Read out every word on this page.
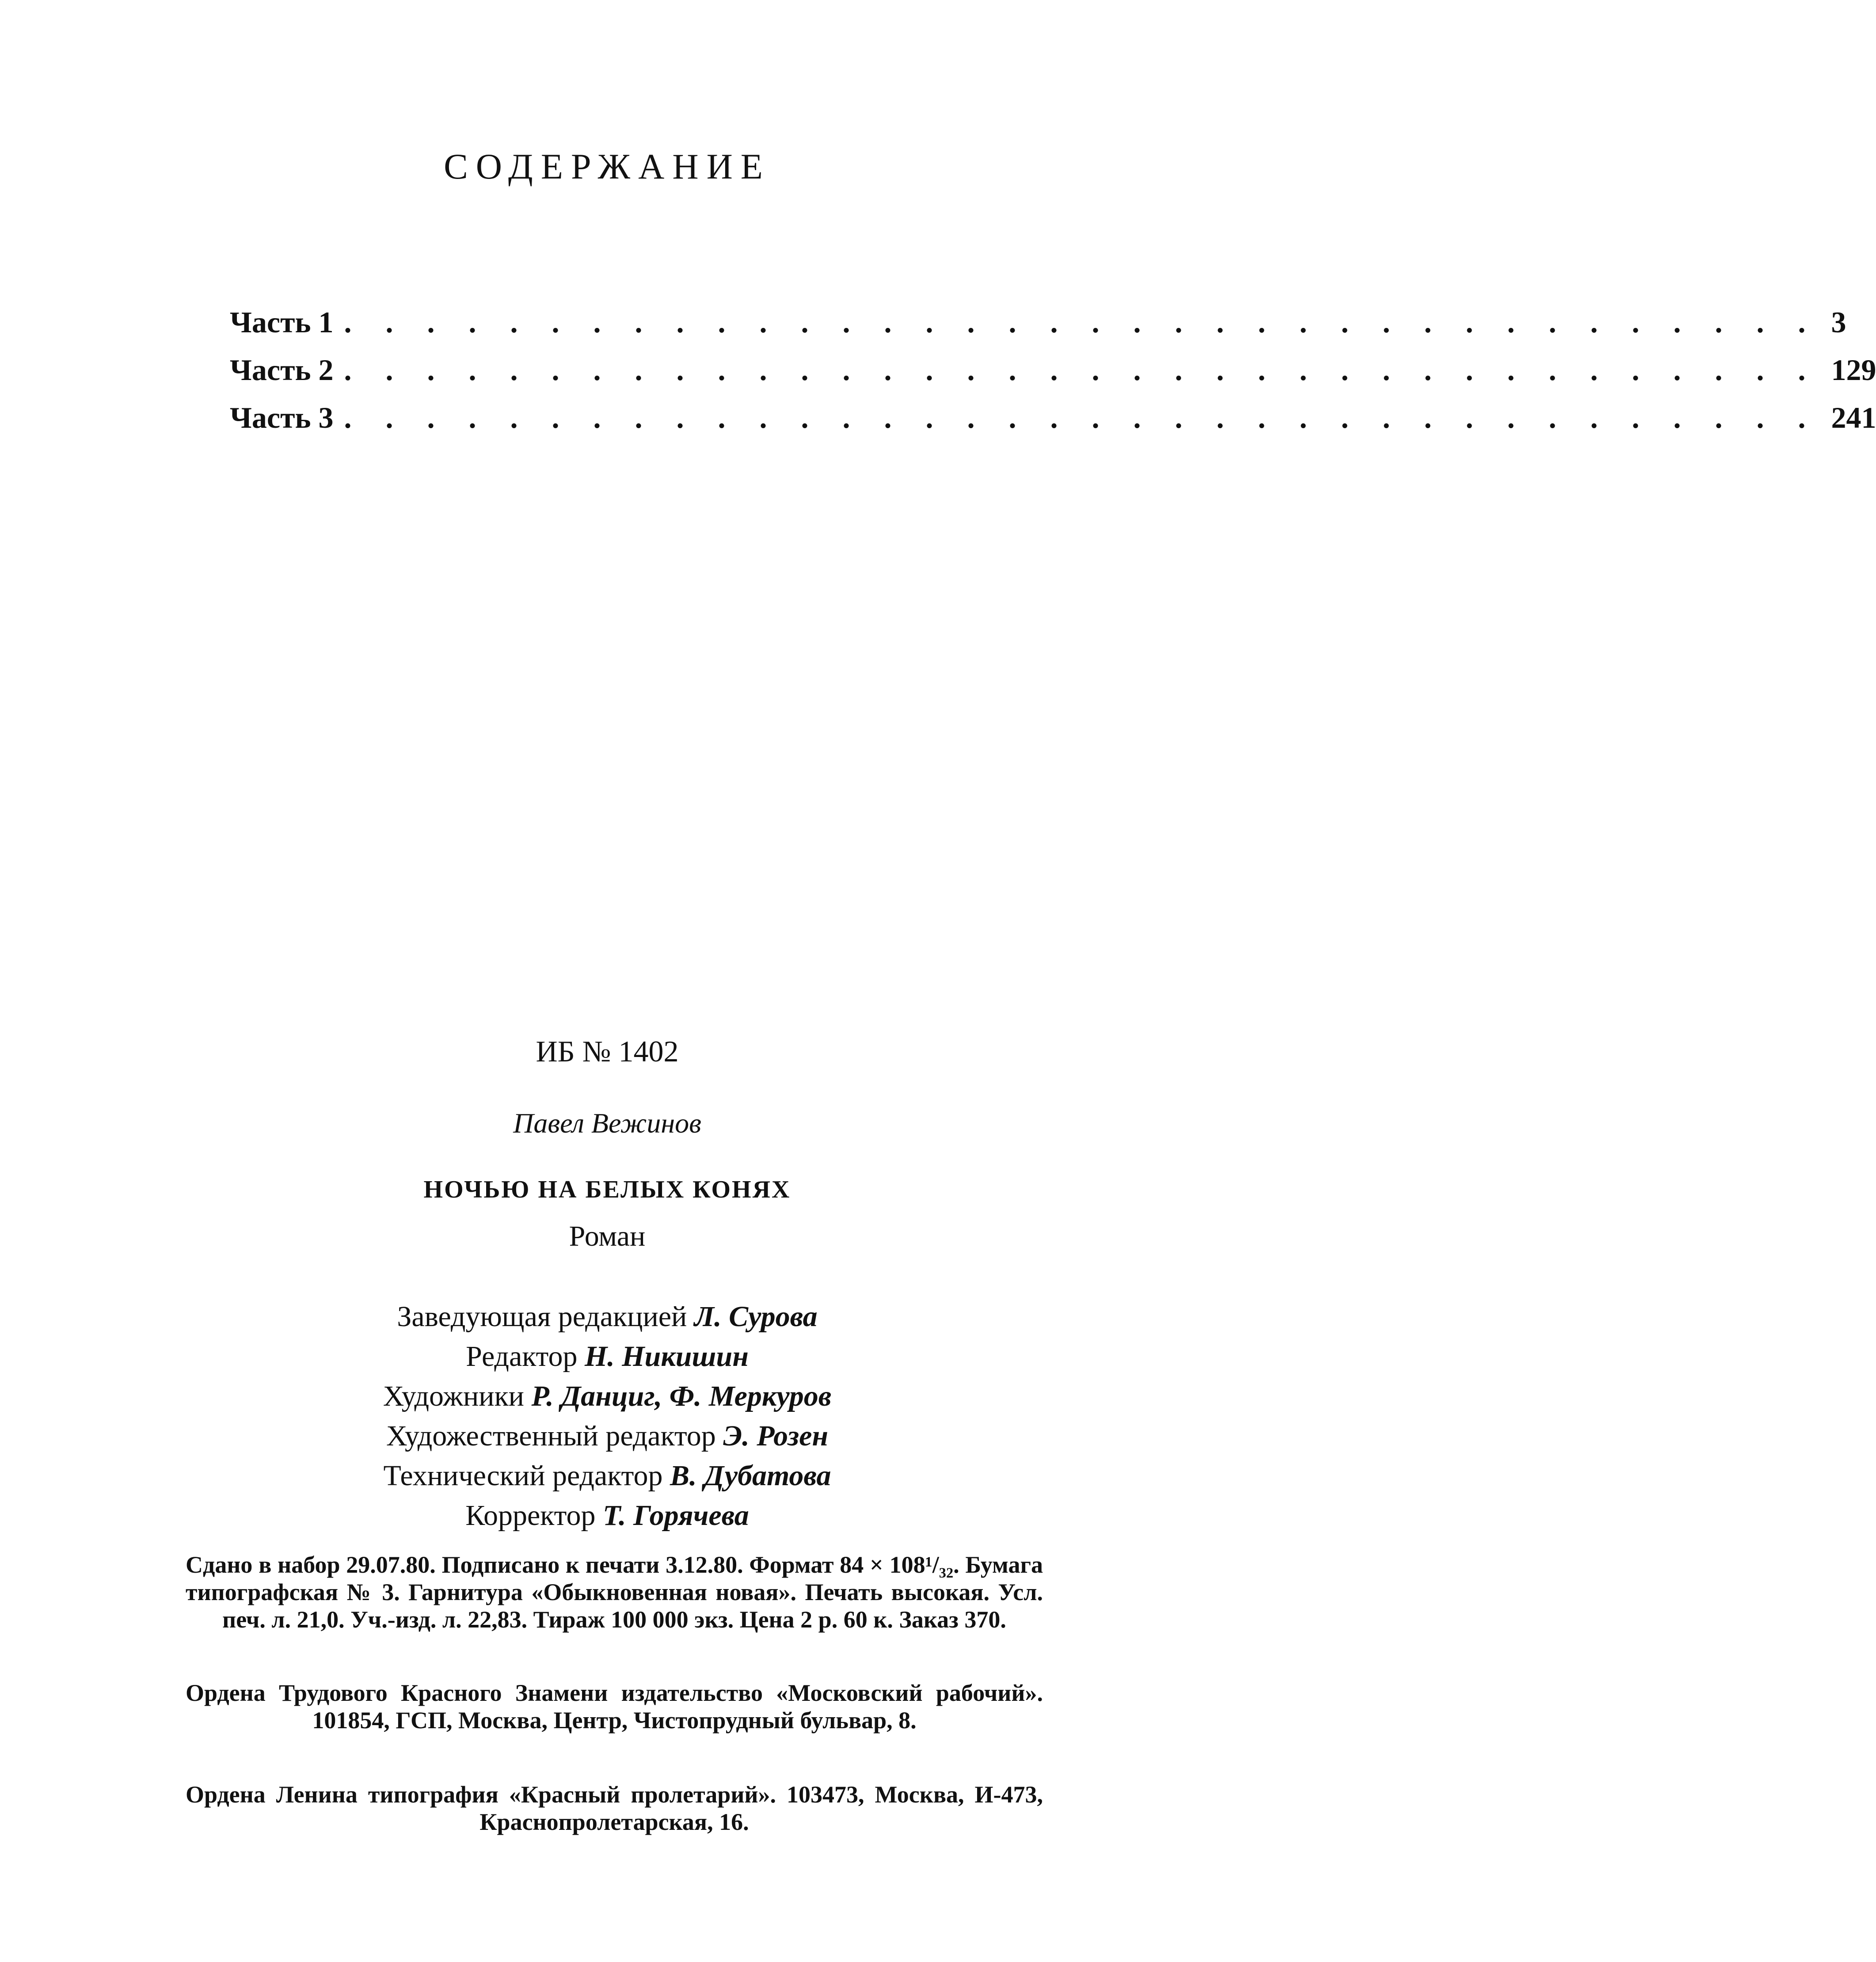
СОДЕРЖАНИЕ
Часть 1 . . . . . . . . . . . . . . . . . . . . . . . . . . . . . . . . . . . . 3
Часть 2 . . . . . . . . . . . . . . . . . . . . . . . . . . . . . . . . . . . . 129
Часть 3 . . . . . . . . . . . . . . . . . . . . . . . . . . . . . . . . . . . . 241
ИБ № 1402
Павел Вежинов
НОЧЬЮ НА БЕЛЫХ КОНЯХ
Роман
Заведующая редакцией Л. Сурова
Редактор Н. Никишин
Художники Р. Данциг, Ф. Меркуров
Художественный редактор Э. Розен
Технический редактор В. Дубатова
Корректор Т. Горячева
Сдано в набор 29.07.80. Подписано к печати 3.12.80. Формат 84 × 108¹/₃₂. Бумага типографская № 3. Гарнитура «Обыкновенная новая». Печать высокая. Усл. печ. л. 21,0. Уч.-изд. л. 22,83. Тираж 100 000 экз. Цена 2 р. 60 к. Заказ 370.
Ордена Трудового Красного Знамени издательство «Московский рабочий». 101854, ГСП, Москва, Центр, Чистопрудный бульвар, 8.
Ордена Ленина типография «Красный пролетарий». 103473, Москва, И-473, Краснопролетарская, 16.
